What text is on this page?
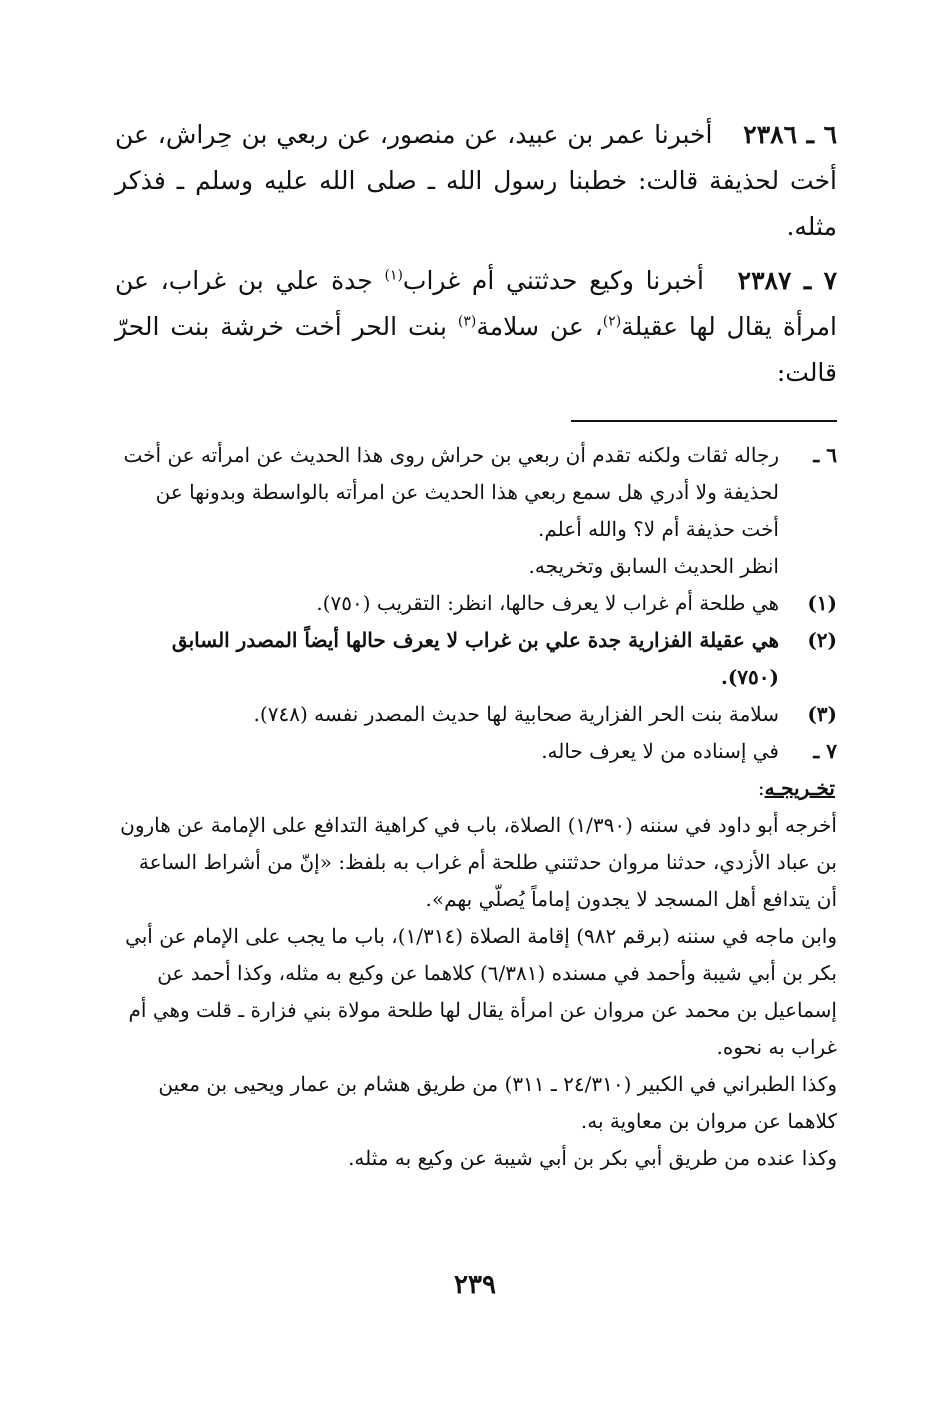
٦ ـ ٢٣٨٦ أخبرنا عمر بن عبيد، عن منصور، عن ربعي بن حِراش، عن أخت لحذيفة قالت: خطبنا رسول الله ـ صلى الله عليه وسلم ـ فذكر مثله.

٧ ـ ٢٣٨٧ أخبرنا وكيع حدثتني أم غراب$^{(١)}$ جدة علي بن غراب، عن امرأة يقال لها عقيلة$^{(٢)}$، عن سلامة$^{(٣)}$ بنت الحر أخت خرشة بنت الحرّ قالت:

٦ ـ

رجاله ثقات ولكنه تقدم أن ربعي بن حراش روى هذا الحديث عن امرأته عن أخت لحذيفة ولا أدري هل سمع ربعي هذا الحديث عن امرأته بالواسطة وبدونها عن أخت حذيفة أم لا؟ والله أعلم.

انظر الحديث السابق وتخريجه.

(١)
هي طلحة أم غراب لا يعرف حالها، انظر: التقريب (٧٥٠).
(٢)
هي عقيلة الفزارية جدة علي بن غراب لا يعرف حالها أيضاً المصدر السابق (٧٥٠).
(٣)
سلامة بنت الحر الفزارية صحابية لها حديث المصدر نفسه (٧٤٨).
٧ ـ
في إسناده من لا يعرف حاله.
تخـريجـه:

أخرجه أبو داود في سننه (١/٣٩٠) الصلاة، باب في كراهية التدافع على الإمامة عن هارون بن عباد الأزدي، حدثنا مروان حدثتني طلحة أم غراب به بلفظ: «إنّ من أشراط الساعة أن يتدافع أهل المسجد لا يجدون إماماً يُصلّي بهم».

وابن ماجه في سننه (برقم ٩٨٢) إقامة الصلاة (١/٣١٤)، باب ما يجب على الإمام عن أبي بكر بن أبي شيبة وأحمد في مسنده (٦/٣٨١) كلاهما عن وكيع به مثله، وكذا أحمد عن إسماعيل بن محمد عن مروان عن امرأة يقال لها طلحة مولاة بني فزارة ـ قلت وهي أم غراب به نحوه.

وكذا الطبراني في الكبير (٢٤/٣١٠ ـ ٣١١) من طريق هشام بن عمار ويحيى بن معين كلاهما عن مروان بن معاوية به.

وكذا عنده من طريق أبي بكر بن أبي شيبة عن وكيع به مثله.

٢٣٩
